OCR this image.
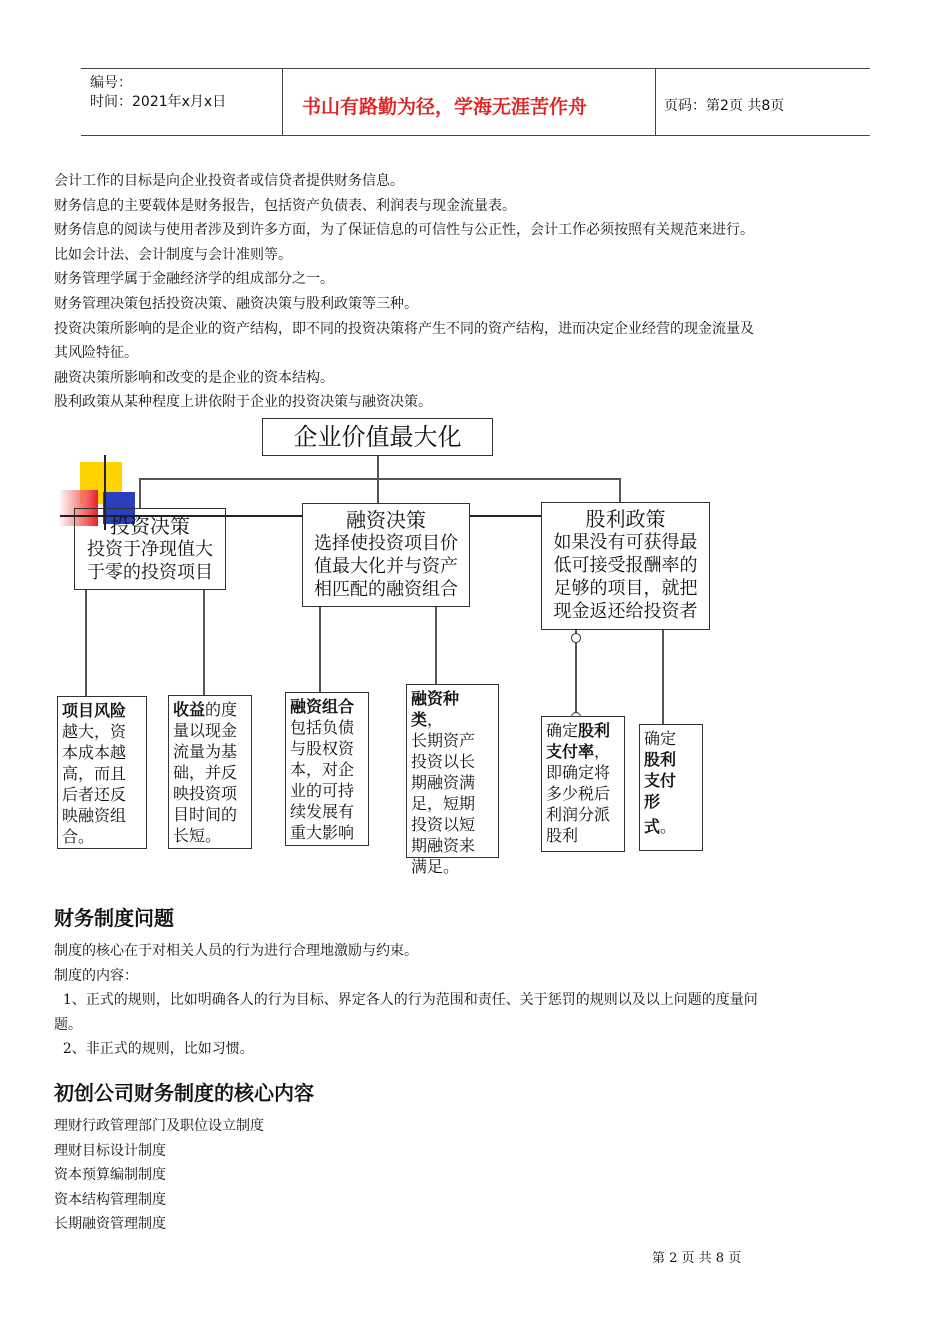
编号：
时间：2021年x月x日	书山有路勤为径，学海无涯苦作舟	页码：第2页 共8页
会计工作的目标是向企业投资者或信贷者提供财务信息。
财务信息的主要载体是财务报告，包括资产负债表、利润表与现金流量表。
财务信息的阅读与使用者涉及到许多方面，为了保证信息的可信性与公正性，会计工作必须按照有关规范来进行。
比如会计法、会计制度与会计准则等。
财务管理学属于金融经济学的组成部分之一。
财务管理决策包括投资决策、融资决策与股利政策等三种。
投资决策所影响的是企业的资产结构，即不同的投资决策将产生不同的资产结构，进而决定企业经营的现金流量及
其风险特征。
融资决策所影响和改变的是企业的资本结构。
股利政策从某种程度上讲依附于企业的投资决策与融资决策。
企业价值最大化
投资决策
投资于净现值大
于零的投资项目
融资决策
选择使投资项目价
值最大化并与资产
相匹配的融资组合
股利政策
如果没有可获得最
低可接受报酬率的
足够的项目，就把
现金返还给投资者
项目风险
越大，资
本成本越
高，而且
后者还反
映融资组
合。
收益的度
量以现金
流量为基
础，并反
映投资项
目时间的
长短。
融资组合
包括负债
与股权资
本，对企
业的可持
续发展有
重大影响
融资种
类，
长期资产
投资以长
期融资满
足，短期
投资以短
期融资来
满足。
确定股利
支付率，
即确定将
多少税后
利润分派
股利
确定
股利
支付
形
式。
财务制度问题
制度的核心在于对相关人员的行为进行合理地激励与约束。
制度的内容：
1、正式的规则，比如明确各人的行为目标、界定各人的行为范围和责任、关于惩罚的规则以及以上问题的度量问
题。
2、非正式的规则，比如习惯。
初创公司财务制度的核心内容
理财行政管理部门及职位设立制度
理财目标设计制度
资本预算编制制度
资本结构管理制度
长期融资管理制度
第 2 页 共 8 页
